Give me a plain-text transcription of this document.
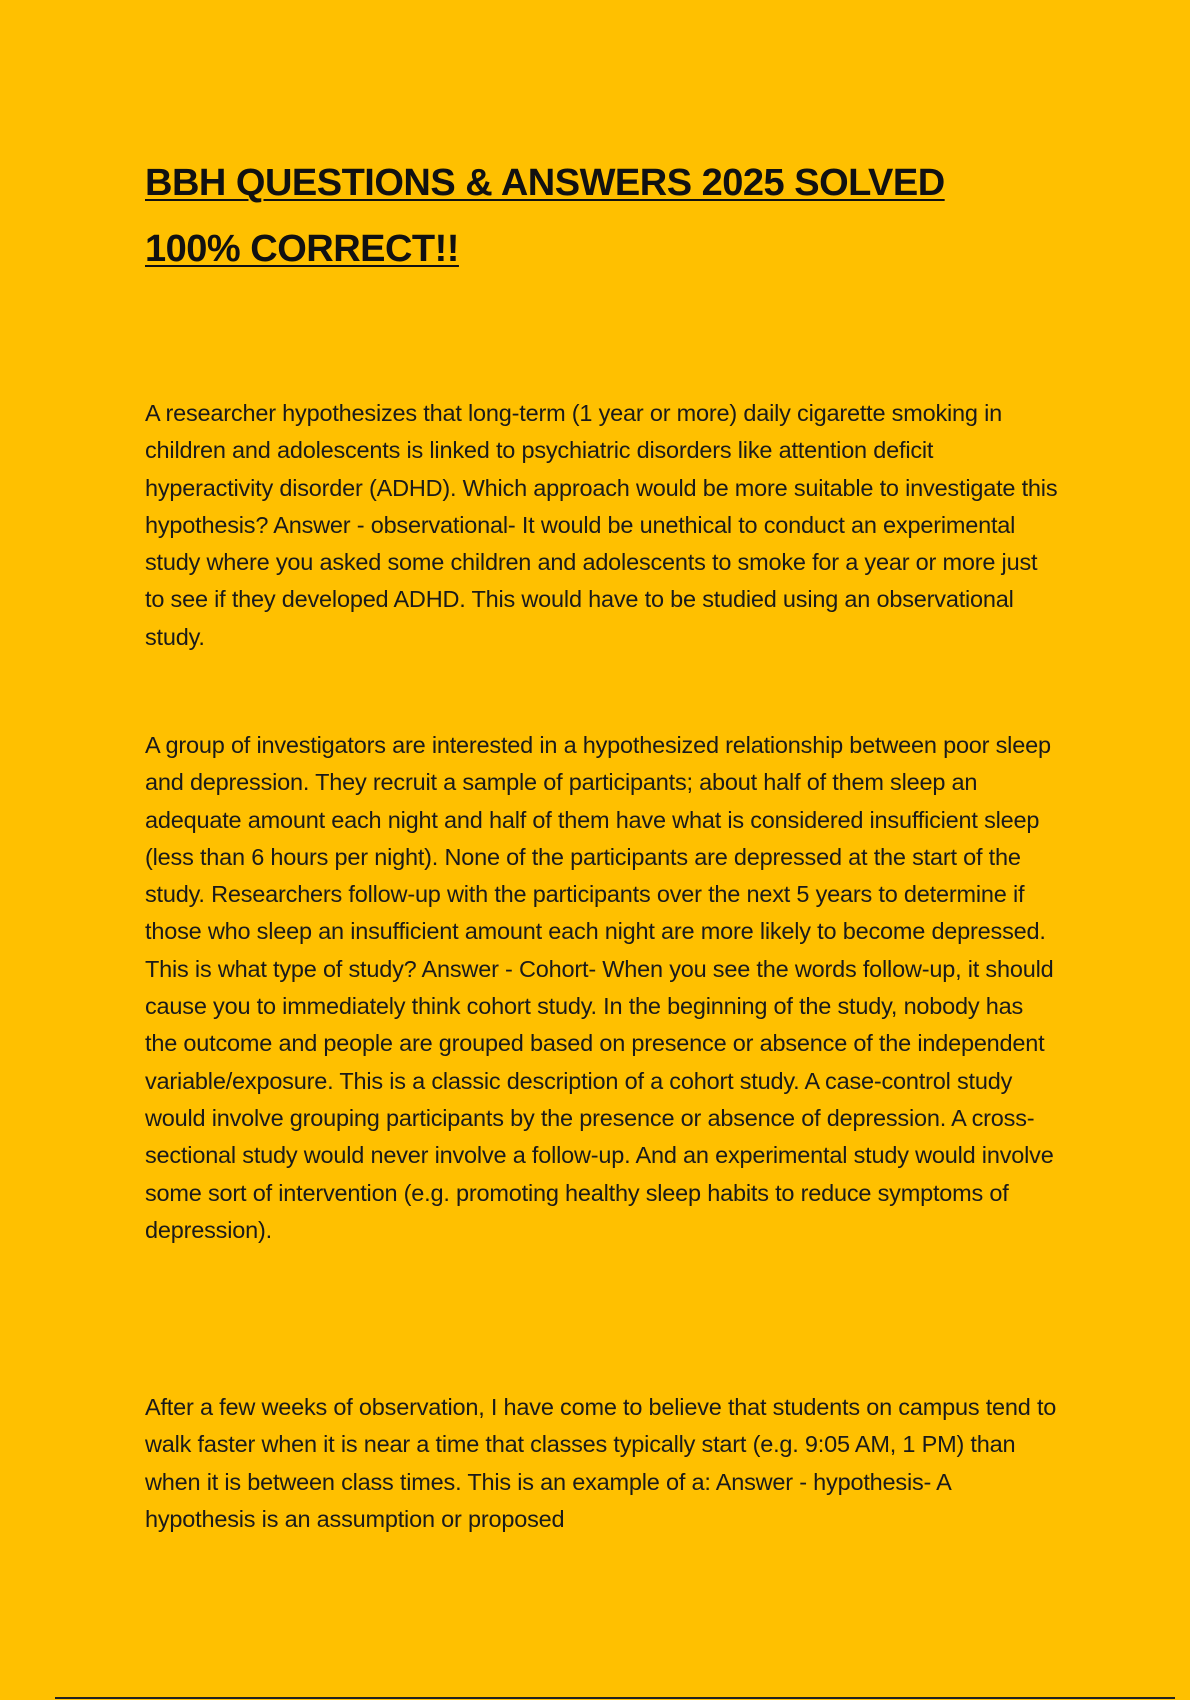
BBH QUESTIONS & ANSWERS 2025 SOLVED 100% CORRECT!!

A researcher hypothesizes that long-term (1 year or more) daily cigarette smoking in children and adolescents is linked to psychiatric disorders like attention deficit hyperactivity disorder (ADHD). Which approach would be more suitable to investigate this hypothesis? Answer - observational- It would be unethical to conduct an experimental study where you asked some children and adolescents to smoke for a year or more just to see if they developed ADHD. This would have to be studied using an observational study.

A group of investigators are interested in a hypothesized relationship between poor sleep and depression. They recruit a sample of participants; about half of them sleep an adequate amount each night and half of them have what is considered insufficient sleep (less than 6 hours per night). None of the participants are depressed at the start of the study. Researchers follow-up with the participants over the next 5 years to determine if those who sleep an insufficient amount each night are more likely to become depressed. This is what type of study? Answer - Cohort- When you see the words follow-up, it should cause you to immediately think cohort study. In the beginning of the study, nobody has the outcome and people are grouped based on presence or absence of the independent variable/exposure. This is a classic description of a cohort study. A case-control study would involve grouping participants by the presence or absence of depression. A cross-sectional study would never involve a follow-up. And an experimental study would involve some sort of intervention (e.g. promoting healthy sleep habits to reduce symptoms of depression).

After a few weeks of observation, I have come to believe that students on campus tend to walk faster when it is near a time that classes typically start (e.g. 9:05 AM, 1 PM) than when it is between class times. This is an example of a: Answer - hypothesis- A hypothesis is an assumption or proposed
